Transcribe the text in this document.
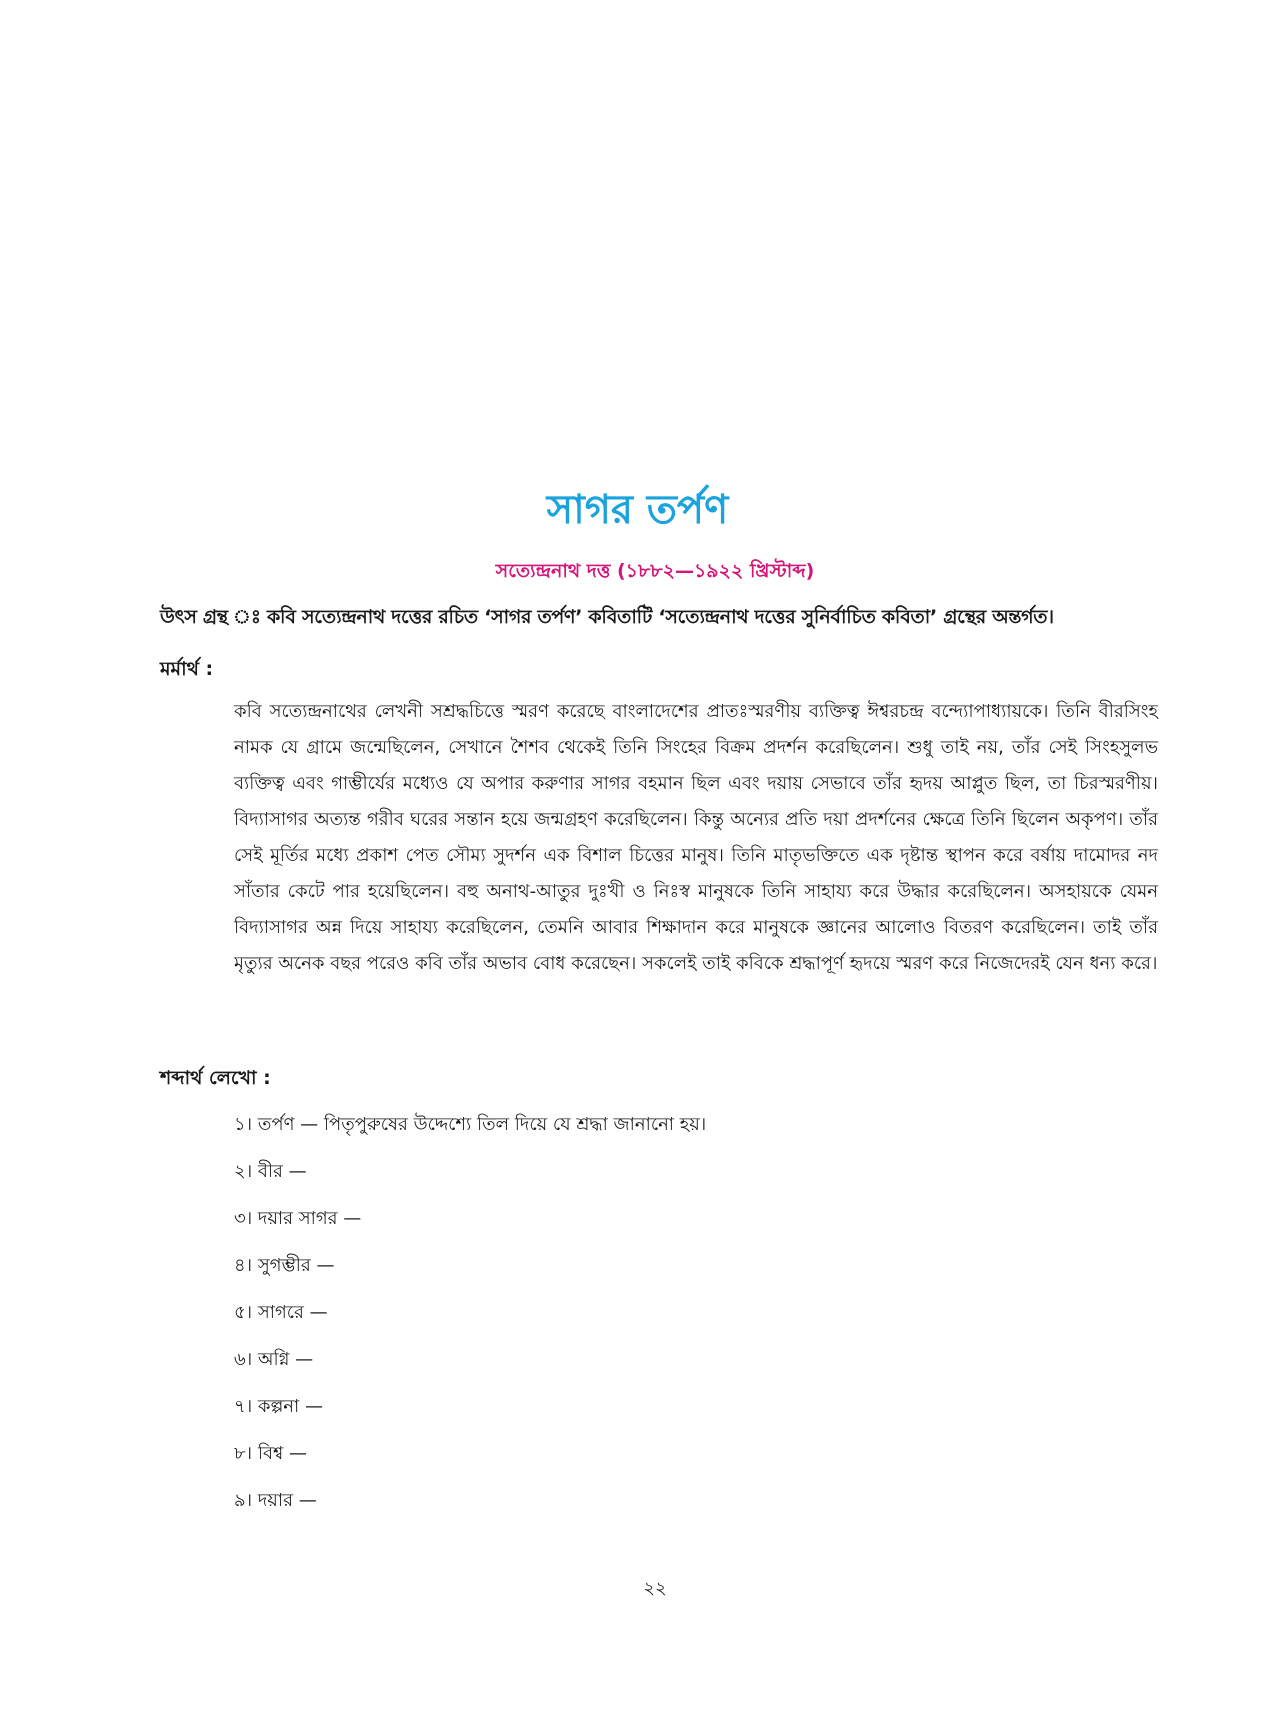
সাগর তর্পণ

সত্যেন্দ্রনাথ দত্ত (১৮৮২—১৯২২ খ্রিস্টাব্দ)

উৎস গ্রন্থ ঃ কবি সত্যেন্দ্রনাথ দত্তের রচিত ‘সাগর তর্পণ’ কবিতাটি ‘সত্যেন্দ্রনাথ দত্তের সুনির্বাচিত কবিতা’ গ্রন্থের অন্তর্গত।

মর্মার্থ :

কবি সত্যেন্দ্রনাথের লেখনী সশ্রদ্ধচিত্তে স্মরণ করেছে বাংলাদেশের প্রাতঃস্মরণীয় ব্যক্তিত্ব ঈশ্বরচন্দ্র বন্দ্যোপাধ্যায়কে। তিনি বীরসিংহ নামক যে গ্রামে জন্মেছিলেন, সেখানে শৈশব থেকেই তিনি সিংহের বিক্রম প্রদর্শন করেছিলেন। শুধু তাই নয়, তাঁর সেই সিংহসুলভ ব্যক্তিত্ব এবং গাম্ভীর্যের মধ্যেও যে অপার করুণার সাগর বহমান ছিল এবং দয়ায় সেভাবে তাঁর হৃদয় আপ্লুত ছিল, তা চিরস্মরণীয়। বিদ্যাসাগর অত্যন্ত গরীব ঘরের সন্তান হয়ে জন্মগ্রহণ করেছিলেন। কিন্তু অন্যের প্রতি দয়া প্রদর্শনের ক্ষেত্রে তিনি ছিলেন অকৃপণ। তাঁর সেই মূর্তির মধ্যে প্রকাশ পেত সৌম্য সুদর্শন এক বিশাল চিত্তের মানুষ। তিনি মাতৃভক্তিতে এক দৃষ্টান্ত স্থাপন করে বর্ষায় দামোদর নদ সাঁতার কেটে পার হয়েছিলেন। বহু অনাথ-আতুর দুঃখী ও নিঃস্ব মানুষকে তিনি সাহায্য করে উদ্ধার করেছিলেন। অসহায়কে যেমন বিদ্যাসাগর অন্ন দিয়ে সাহায্য করেছিলেন, তেমনি আবার শিক্ষাদান করে মানুষকে জ্ঞানের আলোও বিতরণ করেছিলেন। তাই তাঁর মৃত্যুর অনেক বছর পরেও কবি তাঁর অভাব বোধ করেছেন। সকলেই তাই কবিকে শ্রদ্ধাপূর্ণ হৃদয়ে স্মরণ করে নিজেদেরই যেন ধন্য করে।

শব্দার্থ লেখো :
১। তর্পণ — পিতৃপুরুষের উদ্দেশ্যে তিল দিয়ে যে শ্রদ্ধা জানানো হয়।
২। বীর —
৩। দয়ার সাগর —
৪। সুগম্ভীর —
৫। সাগরে —
৬। অগ্নি —
৭। কল্পনা —
৮। বিশ্ব —
৯। দয়ার —

২২
